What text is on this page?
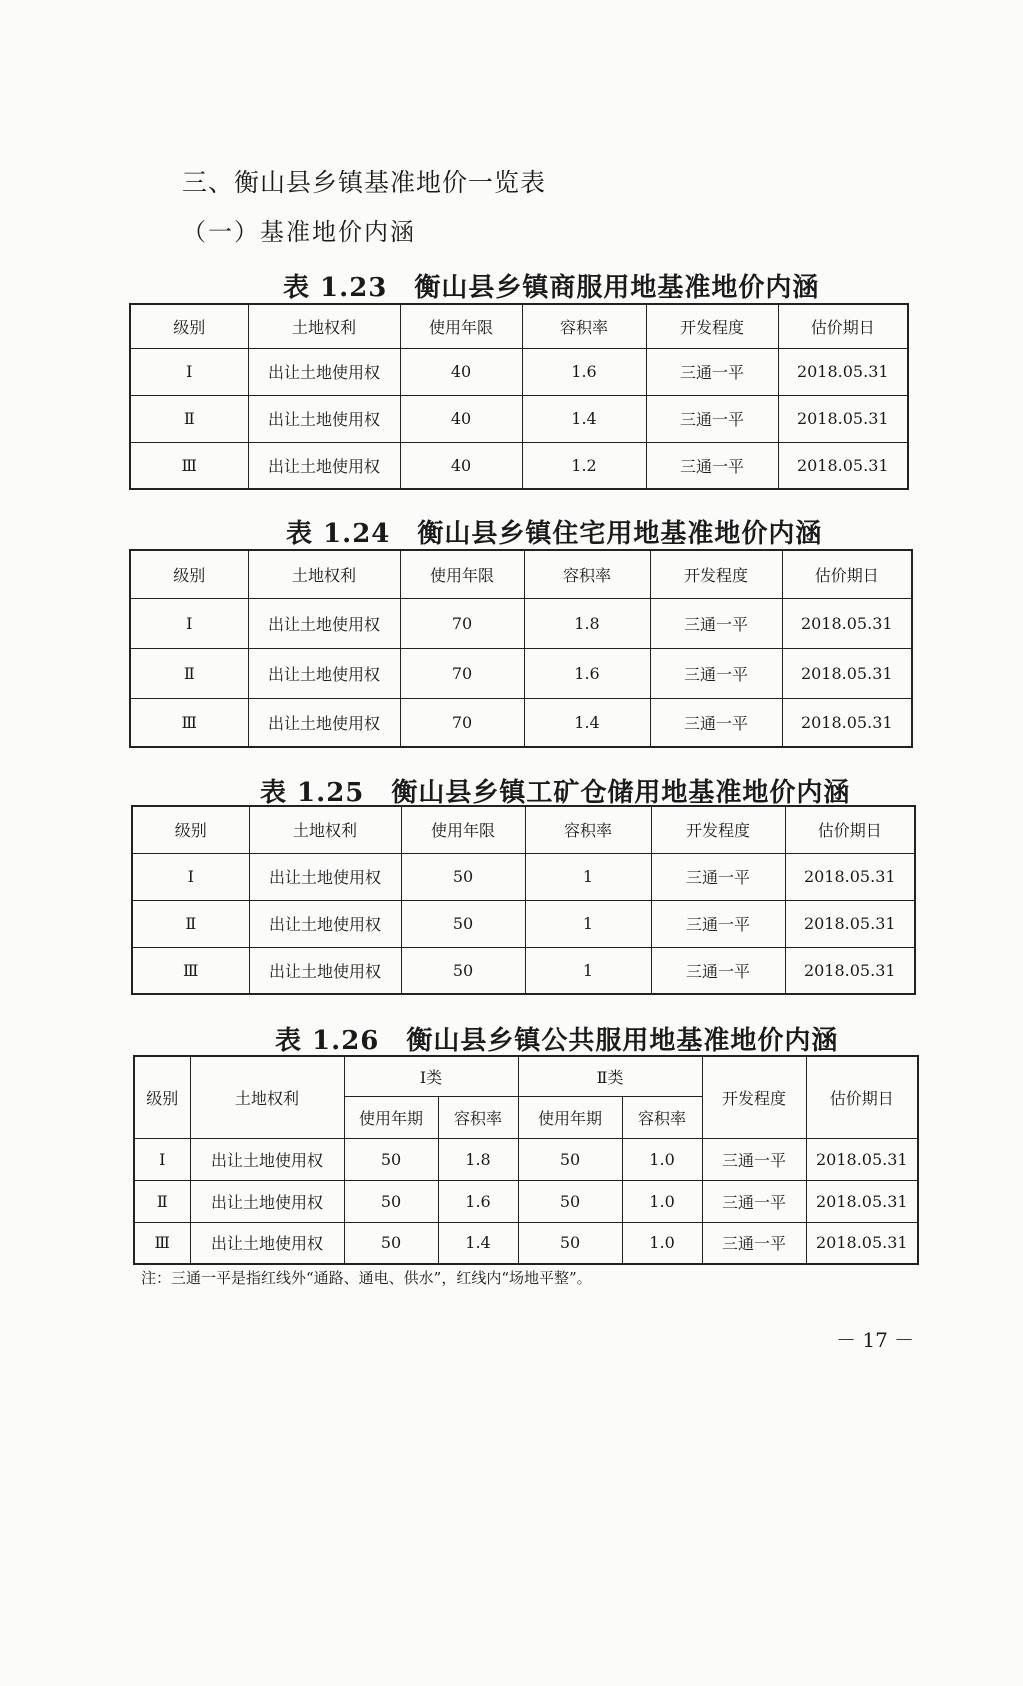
三、衡山县乡镇基准地价一览表
（一）基准地价内涵
表 1.23　衡山县乡镇商服用地基准地价内涵
级别	土地权利	使用年限	容积率	开发程度	估价期日
Ⅰ	出让土地使用权	40	1.6	三通一平	2018.05.31
Ⅱ	出让土地使用权	40	1.4	三通一平	2018.05.31
Ⅲ	出让土地使用权	40	1.2	三通一平	2018.05.31
表 1.24　衡山县乡镇住宅用地基准地价内涵
级别	土地权利	使用年限	容积率	开发程度	估价期日
Ⅰ	出让土地使用权	70	1.8	三通一平	2018.05.31
Ⅱ	出让土地使用权	70	1.6	三通一平	2018.05.31
Ⅲ	出让土地使用权	70	1.4	三通一平	2018.05.31
表 1.25　衡山县乡镇工矿仓储用地基准地价内涵
级别	土地权利	使用年限	容积率	开发程度	估价期日
Ⅰ	出让土地使用权	50	1	三通一平	2018.05.31
Ⅱ	出让土地使用权	50	1	三通一平	2018.05.31
Ⅲ	出让土地使用权	50	1	三通一平	2018.05.31
表 1.26　衡山县乡镇公共服用地基准地价内涵
级别	土地权利	Ⅰ类		Ⅱ类		开发程度	估价期日
		使用年期	容积率	使用年期	容积率		
Ⅰ	出让土地使用权	50	1.8	50	1.0	三通一平	2018.05.31
Ⅱ	出让土地使用权	50	1.6	50	1.0	三通一平	2018.05.31
Ⅲ	出让土地使用权	50	1.4	50	1.0	三通一平	2018.05.31
注：三通一平是指红线外“通路、通电、供水”，红线内“场地平整”。
－ 17 －
